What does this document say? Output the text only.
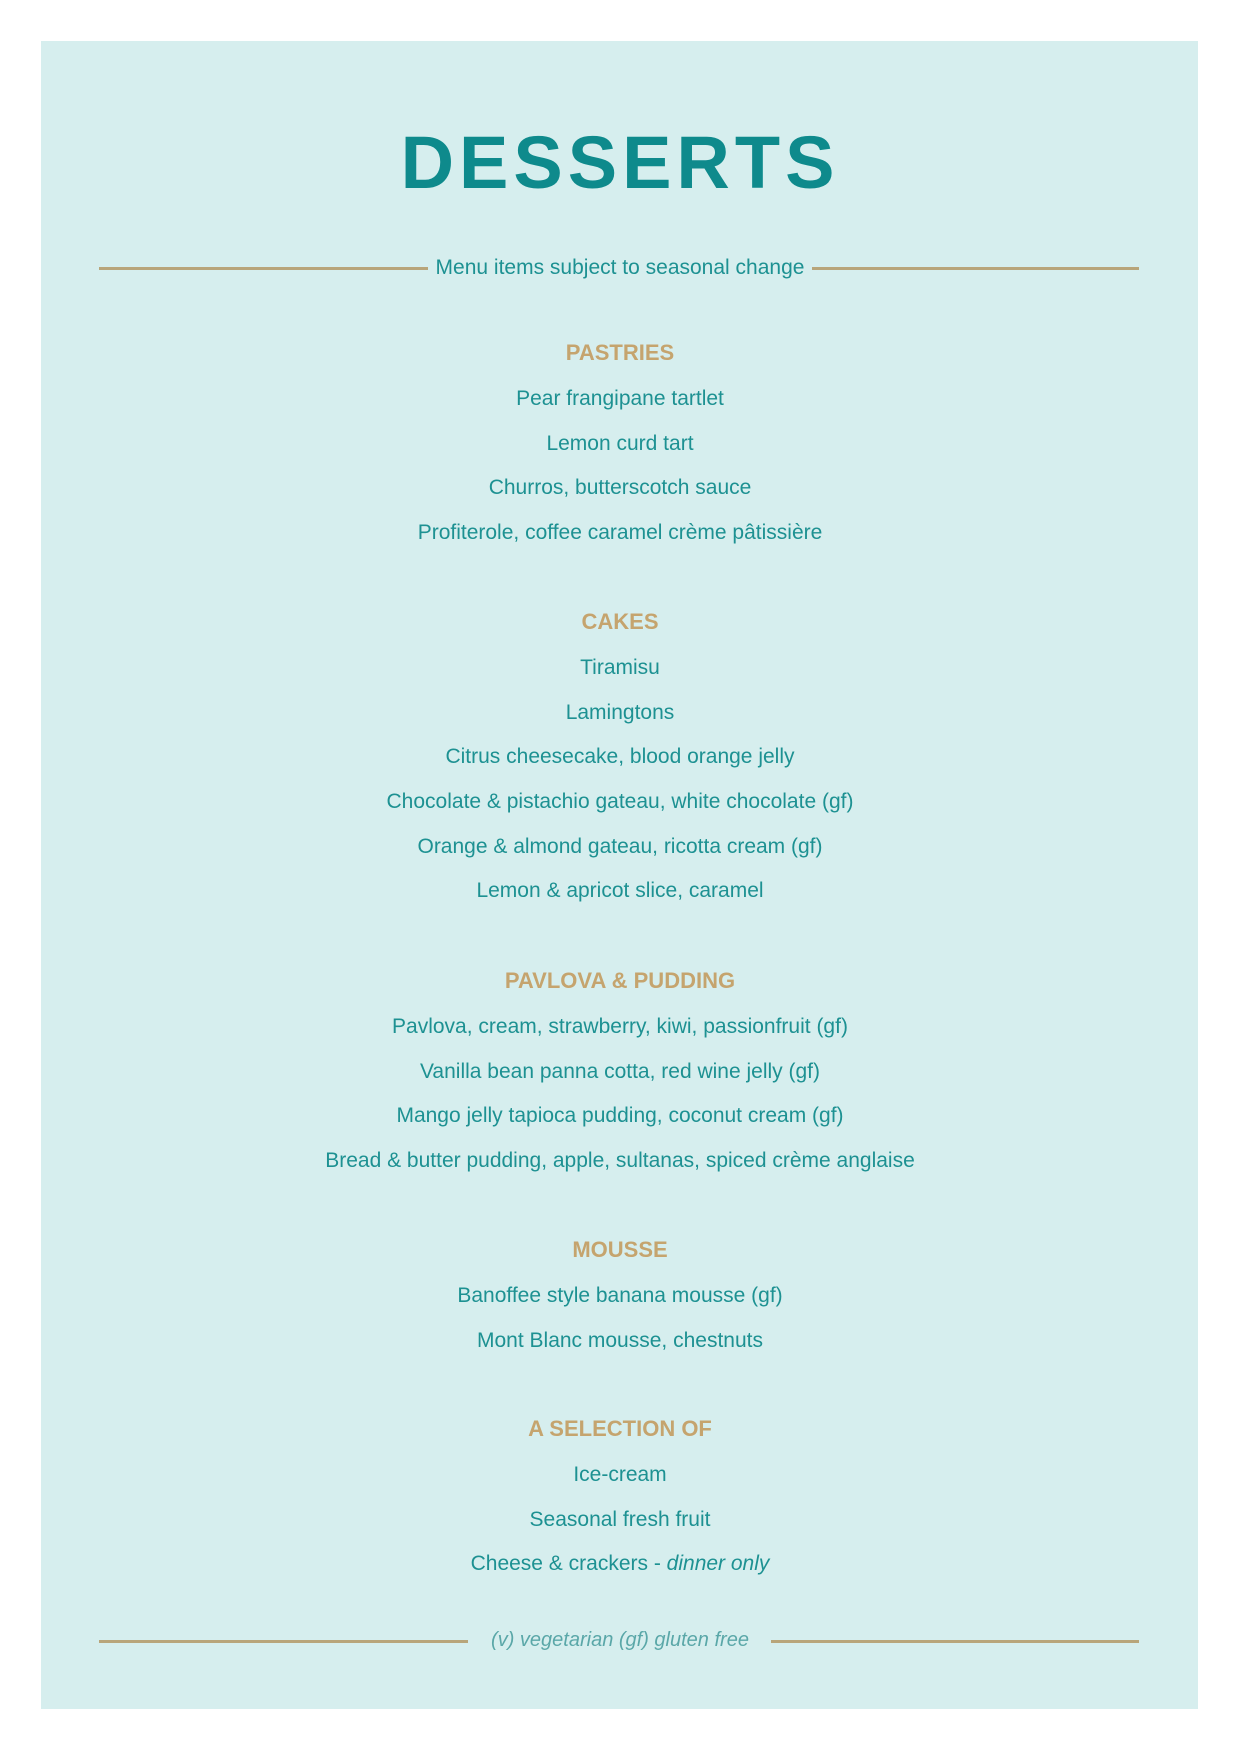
DESSERTS
Menu items subject to seasonal change
PASTRIES
Pear frangipane tartlet
Lemon curd tart
Churros, butterscotch sauce
Profiterole, coffee caramel crème pâtissière
CAKES
Tiramisu
Lamingtons
Citrus cheesecake, blood orange jelly
Chocolate & pistachio gateau, white chocolate (gf)
Orange & almond gateau, ricotta cream (gf)
Lemon & apricot slice, caramel
PAVLOVA & PUDDING
Pavlova, cream, strawberry, kiwi, passionfruit (gf)
Vanilla bean panna cotta, red wine jelly (gf)
Mango jelly tapioca pudding, coconut cream (gf)
Bread & butter pudding, apple, sultanas, spiced crème anglaise
MOUSSE
Banoffee style banana mousse (gf)
Mont Blanc mousse, chestnuts
A SELECTION OF
Ice-cream
Seasonal fresh fruit
Cheese & crackers - dinner only
(v) vegetarian (gf) gluten free
